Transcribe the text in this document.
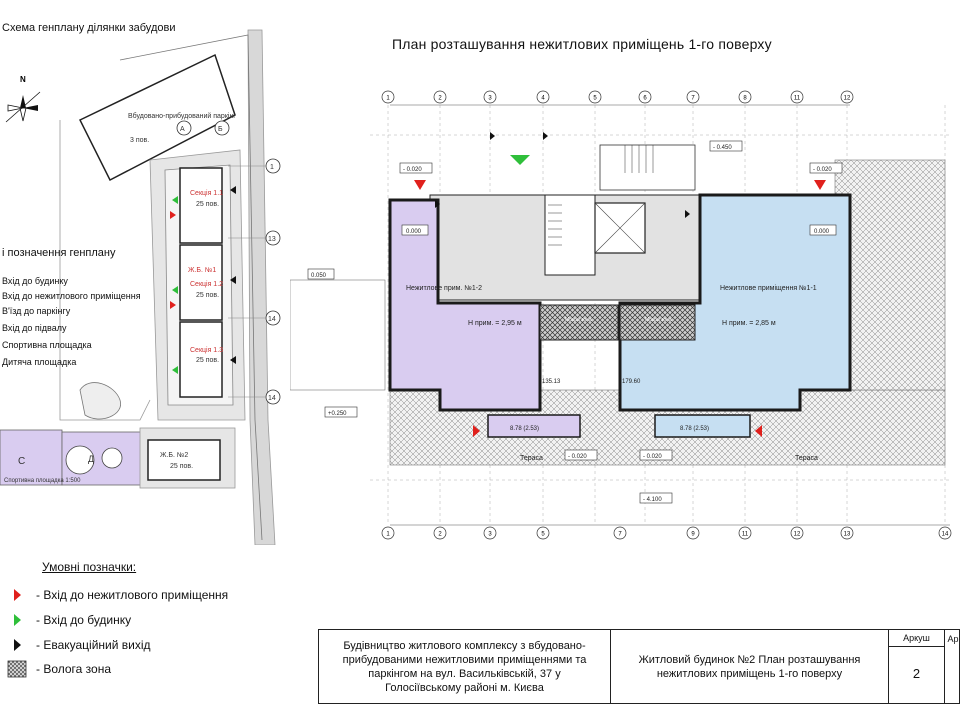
Схема генплану ділянки забудови
Вбудовано-прибудований паркінг
3 пов.
Секція 1.1
25 пов.
Ж.Б. №1
Секція 1.2
25 пов.
Секція 1.3
25 пов.
А	Б
1
13
14
14
С	Д	Ж.Б. №2
25 пов.
Спортивна площадка 1:500
N
і позначення генплану
Вхід до будинку
Вхід до нежитлового приміщення
В'їзд до паркінгу
Вхід до підвалу
Спортивна площадка
Дитяча площадка
План розташування нежитлових приміщень 1-го поверху
1	2	3	4	5	6	7	8	11	12
1	2	3	5	7	9	11	12	13	14
Мокра зона	Мокра зона
8.78 (2.53)	8.78 (2.53)
Нежитлове прим. №1-2	Нежитлове приміщення №1-1
Н прим. = 2,95 м	Н прим. = 2,85 м
135.13	179.60
Тераса	Тераса
- 0.020	- 0.020
0.000	0.000
- 0.450
0.050
+0.250
- 0.020	- 0.020
- 4.100
Умовні позначки:
- Вхід до нежитлового приміщення
- Вхід до будинку
- Евакуаційний вихід
- Волога зона
Будівництво житлового комплексу з вбудовано-прибудованими нежитловими приміщеннями та паркінгом на вул. Васильківській, 37 у Голосіївському районі м. Києва
Житловий будинок №2 План розташування нежитлових приміщень 1-го поверху
Аркуш
2
Ар
